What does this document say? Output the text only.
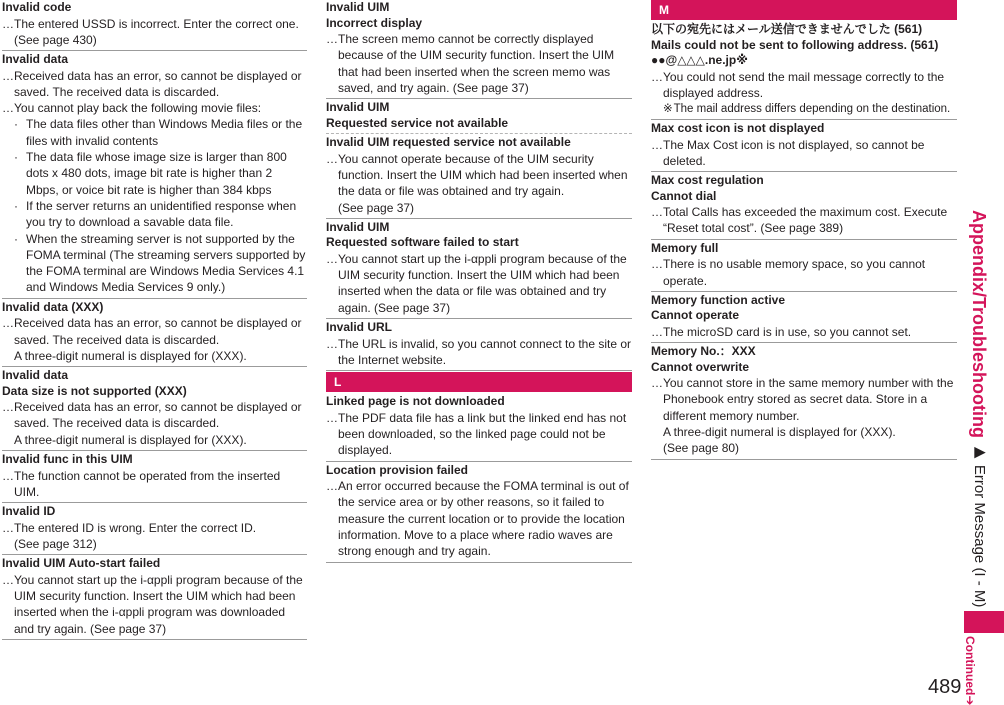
Invalid code
… The entered USSD is incorrect. Enter the correct one.
(See page 430)
Invalid data
… Received data has an error, so cannot be displayed or saved. The received data is discarded.
… You cannot play back the following movie files:
· The data files other than Windows Media files or the files with invalid contents
· The data file whose image size is larger than 800 dots x 480 dots, image bit rate is higher than 2 Mbps, or voice bit rate is higher than 384 kbps
· If the server returns an unidentified response when you try to download a savable data file.
· When the streaming server is not supported by the FOMA terminal (The streaming servers supported by the FOMA terminal are Windows Media Services 4.1 and Windows Media Services 9 only.)
Invalid data (XXX)
… Received data has an error, so cannot be displayed or saved. The received data is discarded.
A three-digit numeral is displayed for (XXX).
Invalid data
Data size is not supported (XXX)
… Received data has an error, so cannot be displayed or saved. The received data is discarded.
A three-digit numeral is displayed for (XXX).
Invalid func in this UIM
… The function cannot be operated from the inserted UIM.
Invalid ID
… The entered ID is wrong. Enter the correct ID.
(See page 312)
Invalid UIM Auto-start failed
… You cannot start up the i-αppli program because of the UIM security function. Insert the UIM which had been inserted when the i-αppli program was downloaded and try again. (See page 37)
Invalid UIM
Incorrect display
… The screen memo cannot be correctly displayed because of the UIM security function. Insert the UIM that had been inserted when the screen memo was saved, and try again. (See page 37)
Invalid UIM
Requested service not available
Invalid UIM requested service not available
… You cannot operate because of the UIM security function. Insert the UIM which had been inserted when the data or file was obtained and try again.
(See page 37)
Invalid UIM
Requested software failed to start
… You cannot start up the i-αppli program because of the UIM security function. Insert the UIM which had been inserted when the data or file was obtained and try again. (See page 37)
Invalid URL
… The URL is invalid, so you cannot connect to the site or the Internet website.
L
Linked page is not downloaded
… The PDF data file has a link but the linked end has not been downloaded, so the linked page could not be displayed.
Location provision failed
… An error occurred because the FOMA terminal is out of the service area or by other reasons, so it failed to measure the current location or to provide the location information. Move to a place where radio waves are strong enough and try again.
M
以下の宛先にはメール送信できませんでした (561)
Mails could not be sent to following address. (561)
●●@△△△.ne.jp※
… You could not send the mail message correctly to the displayed address.
※The mail address differs depending on the destination.
Max cost icon is not displayed
… The Max Cost icon is not displayed, so cannot be deleted.
Max cost regulation
Cannot dial
… Total Calls has exceeded the maximum cost. Execute “Reset total cost”. (See page 389)
Memory full
… There is no usable memory space, so you cannot operate.
Memory function active
Cannot operate
… The microSD card is in use, so you cannot set.
Memory No.：XXX
Cannot overwrite
… You cannot store in the same memory number with the Phonebook entry stored as secret data. Store in a different memory number.
A three-digit numeral is displayed for (XXX).
(See page 80)
Appendix/Troubleshooting ▶ Error Message (I - M)
Continued➔
489
